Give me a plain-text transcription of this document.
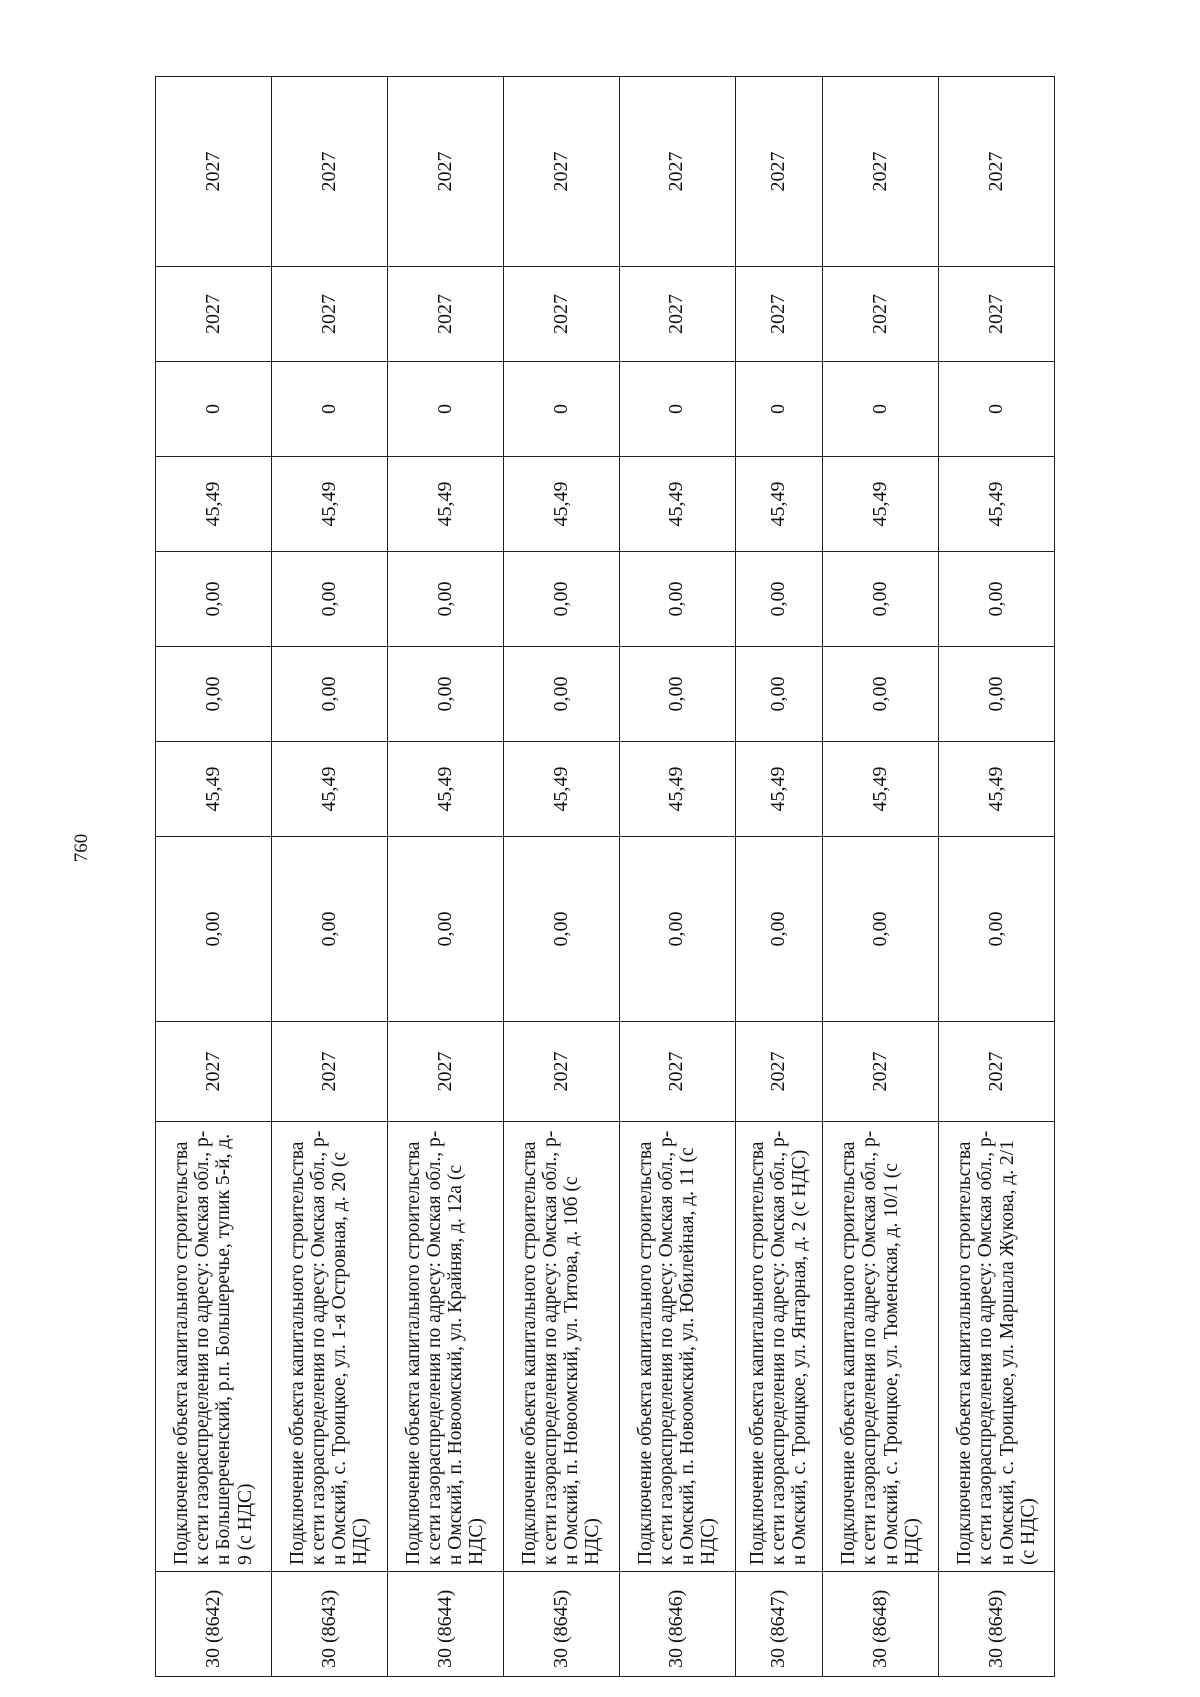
760
30 (8642)	Подключение объекта капитального строительства к сети газораспределения по адресу: Омская обл., р-н Большереченский, р.п. Большеречье, тупик 5-й, д. 9 (с НДС)	2027	0,00	45,49	0,00	0,00	45,49	0	2027	2027
30 (8643)	Подключение объекта капитального строительства к сети газораспределения по адресу: Омская обл., р-н Омский, с. Троицкое, ул. 1-я Островная, д. 20 (с НДС)	2027	0,00	45,49	0,00	0,00	45,49	0	2027	2027
30 (8644)	Подключение объекта капитального строительства к сети газораспределения по адресу: Омская обл., р-н Омский, п. Новоомский, ул. Крайняя, д. 12а (с НДС)	2027	0,00	45,49	0,00	0,00	45,49	0	2027	2027
30 (8645)	Подключение объекта капитального строительства к сети газораспределения по адресу: Омская обл., р-н Омский, п. Новоомский, ул. Титова, д. 10б (с НДС)	2027	0,00	45,49	0,00	0,00	45,49	0	2027	2027
30 (8646)	Подключение объекта капитального строительства к сети газораспределения по адресу: Омская обл., р-н Омский, п. Новоомский, ул. Юбилейная, д. 11 (с НДС)	2027	0,00	45,49	0,00	0,00	45,49	0	2027	2027
30 (8647)	Подключение объекта капитального строительства к сети газораспределения по адресу: Омская обл., р-н Омский, с. Троицкое, ул. Янтарная, д. 2 (с НДС)	2027	0,00	45,49	0,00	0,00	45,49	0	2027	2027
30 (8648)	Подключение объекта капитального строительства к сети газораспределения по адресу: Омская обл., р-н Омский, с. Троицкое, ул. Тюменская, д. 10/1 (с НДС)	2027	0,00	45,49	0,00	0,00	45,49	0	2027	2027
30 (8649)	Подключение объекта капитального строительства к сети газораспределения по адресу: Омская обл., р-н Омский, с. Троицкое, ул. Маршала Жукова, д. 2/1 (с НДС)	2027	0,00	45,49	0,00	0,00	45,49	0	2027	2027
